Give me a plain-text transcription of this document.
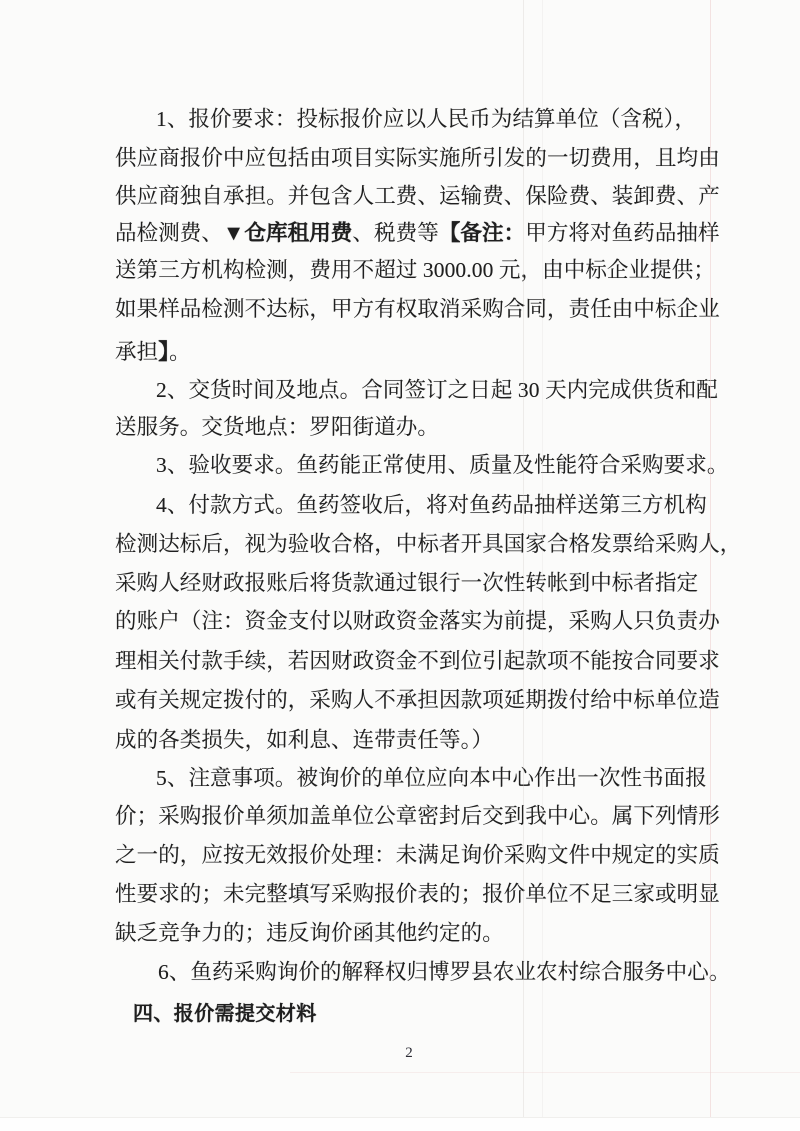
1、报价要求：投标报价应以人民币为结算单位（含税），
供应商报价中应包括由项目实际实施所引发的一切费用，且均由
供应商独自承担。并包含人工费、运输费、保险费、装卸费、产
品检测费、▼仓库租用费、税费等【备注：甲方将对鱼药品抽样
送第三方机构检测，费用不超过 3000.00 元，由中标企业提供；
如果样品检测不达标，甲方有权取消采购合同，责任由中标企业
承担】。
2、交货时间及地点。合同签订之日起 30 天内完成供货和配
送服务。交货地点：罗阳街道办。
3、验收要求。鱼药能正常使用、质量及性能符合采购要求。
4、付款方式。鱼药签收后，将对鱼药品抽样送第三方机构
检测达标后，视为验收合格，中标者开具国家合格发票给采购人，
采购人经财政报账后将货款通过银行一次性转帐到中标者指定
的账户（注：资金支付以财政资金落实为前提，采购人只负责办
理相关付款手续，若因财政资金不到位引起款项不能按合同要求
或有关规定拨付的，采购人不承担因款项延期拨付给中标单位造
成的各类损失，如利息、连带责任等。）
5、注意事项。被询价的单位应向本中心作出一次性书面报
价；采购报价单须加盖单位公章密封后交到我中心。属下列情形
之一的，应按无效报价处理：未满足询价采购文件中规定的实质
性要求的；未完整填写采购报价表的；报价单位不足三家或明显
缺乏竞争力的；违反询价函其他约定的。
6、鱼药采购询价的解释权归博罗县农业农村综合服务中心。
四、报价需提交材料
2
